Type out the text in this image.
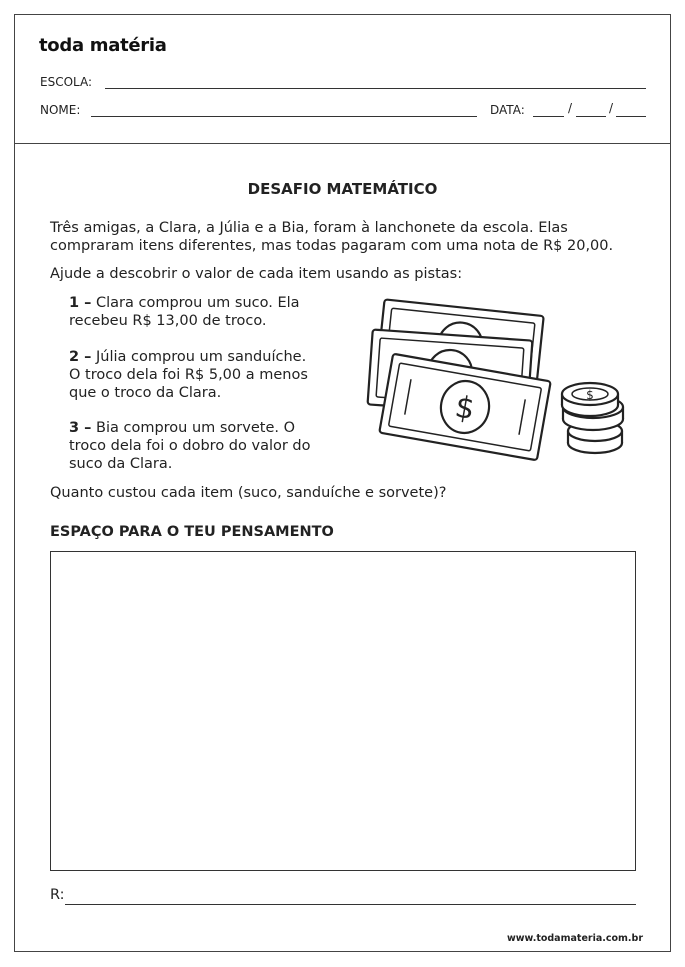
toda matéria
ESCOLA:
NOME:	DATA:	/	/
DESAFIO MATEMÁTICO
Três amigas, a Clara, a Júlia e a Bia, foram à lanchonete da escola. Elas
compraram itens diferentes, mas todas pagaram com uma nota de R$ 20,00.
Ajude a descobrir o valor de cada item usando as pistas:
1 – Clara comprou um suco. Ela
recebeu R$ 13,00 de troco.
2 – Júlia comprou um sanduíche.
O troco dela foi R$ 5,00 a menos
que o troco da Clara.
3 – Bia comprou um sorvete. O
troco dela foi o dobro do valor do
suco da Clara.
$	$
Quanto custou cada item (suco, sanduíche e sorvete)?
ESPAÇO PARA O TEU PENSAMENTO
R:
www.todamateria.com.br
